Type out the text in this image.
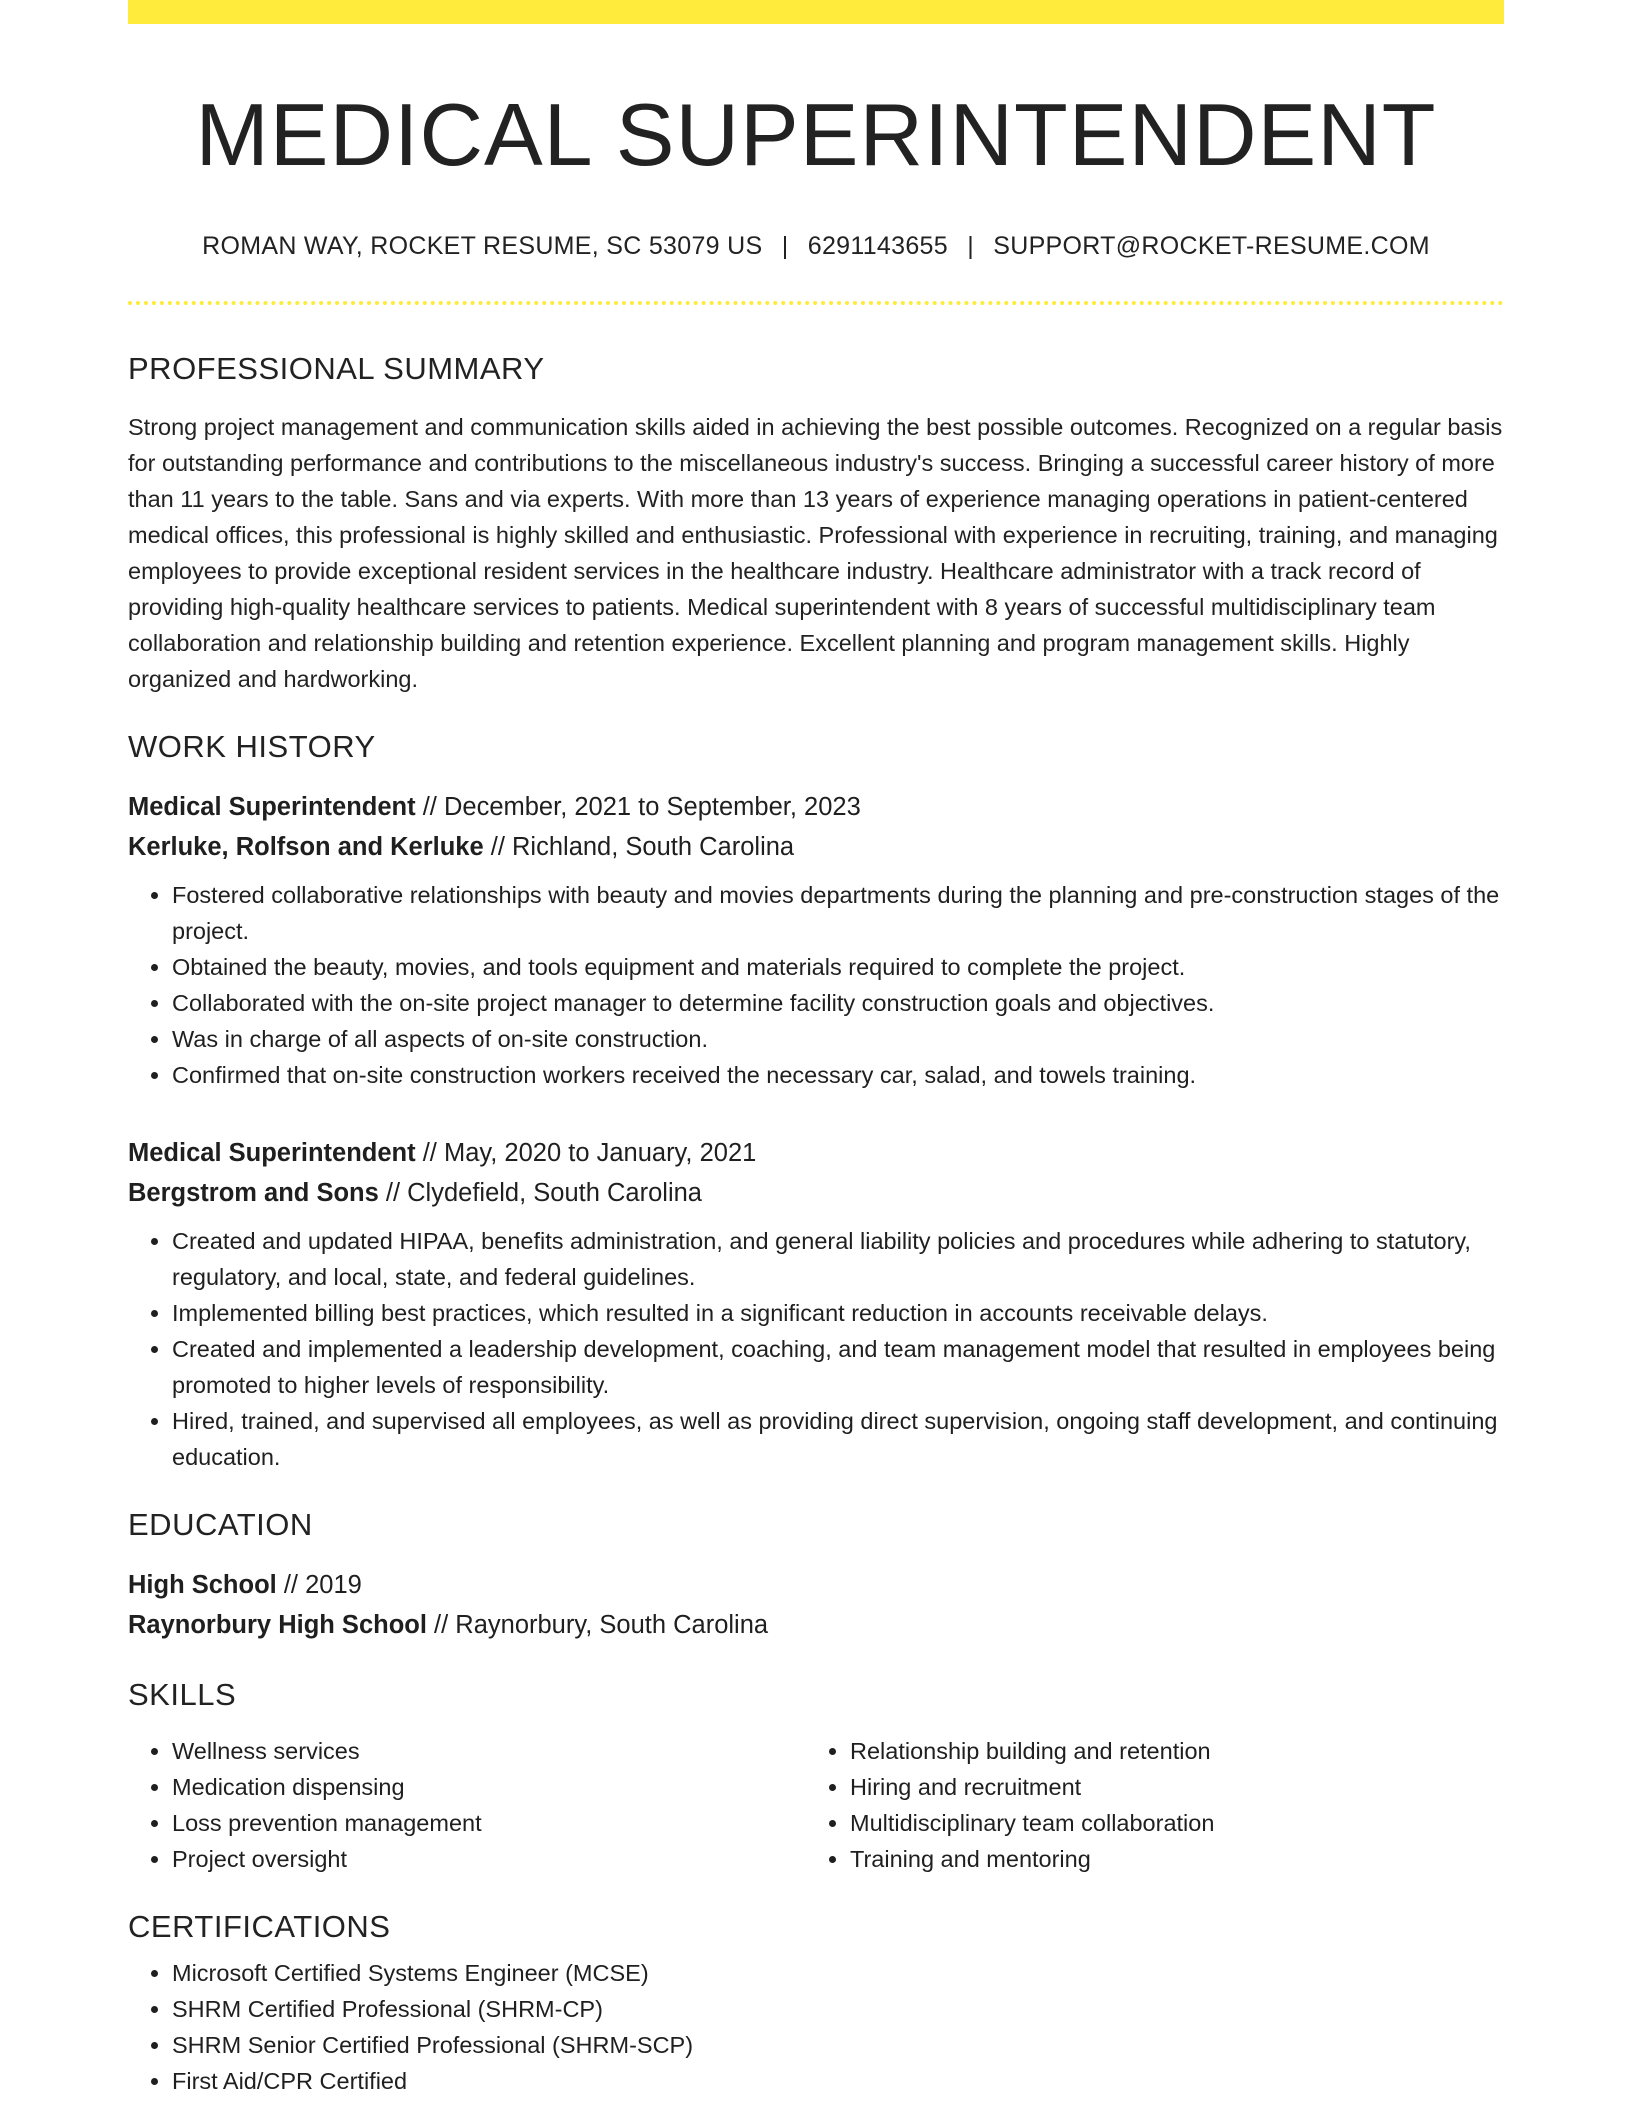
MEDICAL SUPERINTENDENT
ROMAN WAY, ROCKET RESUME, SC 53079 US | 6291143655 | SUPPORT@ROCKET-RESUME.COM
PROFESSIONAL SUMMARY

Strong project management and communication skills aided in achieving the best possible outcomes. Recognized on a regular basis for outstanding performance and contributions to the miscellaneous industry's success. Bringing a successful career history of more than 11 years to the table. Sans and via experts. With more than 13 years of experience managing operations in patient-centered medical offices, this professional is highly skilled and enthusiastic. Professional with experience in recruiting, training, and managing employees to provide exceptional resident services in the healthcare industry. Healthcare administrator with a track record of providing high-quality healthcare services to patients. Medical superintendent with 8 years of successful multidisciplinary team collaboration and relationship building and retention experience. Excellent planning and program management skills. Highly organized and hardworking.

WORK HISTORY
Medical Superintendent // December, 2021 to September, 2023
Kerluke, Rolfson and Kerluke // Richland, South Carolina
• Fostered collaborative relationships with beauty and movies departments during the planning and pre-construction stages of the project.
• Obtained the beauty, movies, and tools equipment and materials required to complete the project.
• Collaborated with the on-site project manager to determine facility construction goals and objectives.
• Was in charge of all aspects of on-site construction.
• Confirmed that on-site construction workers received the necessary car, salad, and towels training.
Medical Superintendent // May, 2020 to January, 2021
Bergstrom and Sons // Clydefield, South Carolina
• Created and updated HIPAA, benefits administration, and general liability policies and procedures while adhering to statutory, regulatory, and local, state, and federal guidelines.
• Implemented billing best practices, which resulted in a significant reduction in accounts receivable delays.
• Created and implemented a leadership development, coaching, and team management model that resulted in employees being promoted to higher levels of responsibility.
• Hired, trained, and supervised all employees, as well as providing direct supervision, ongoing staff development, and continuing education.
EDUCATION
High School // 2019
Raynorbury High School // Raynorbury, South Carolina
SKILLS
• Wellness services
• Medication dispensing
• Loss prevention management
• Project oversight
• Relationship building and retention
• Hiring and recruitment
• Multidisciplinary team collaboration
• Training and mentoring
CERTIFICATIONS
• Microsoft Certified Systems Engineer (MCSE)
• SHRM Certified Professional (SHRM-CP)
• SHRM Senior Certified Professional (SHRM-SCP)
• First Aid/CPR Certified
